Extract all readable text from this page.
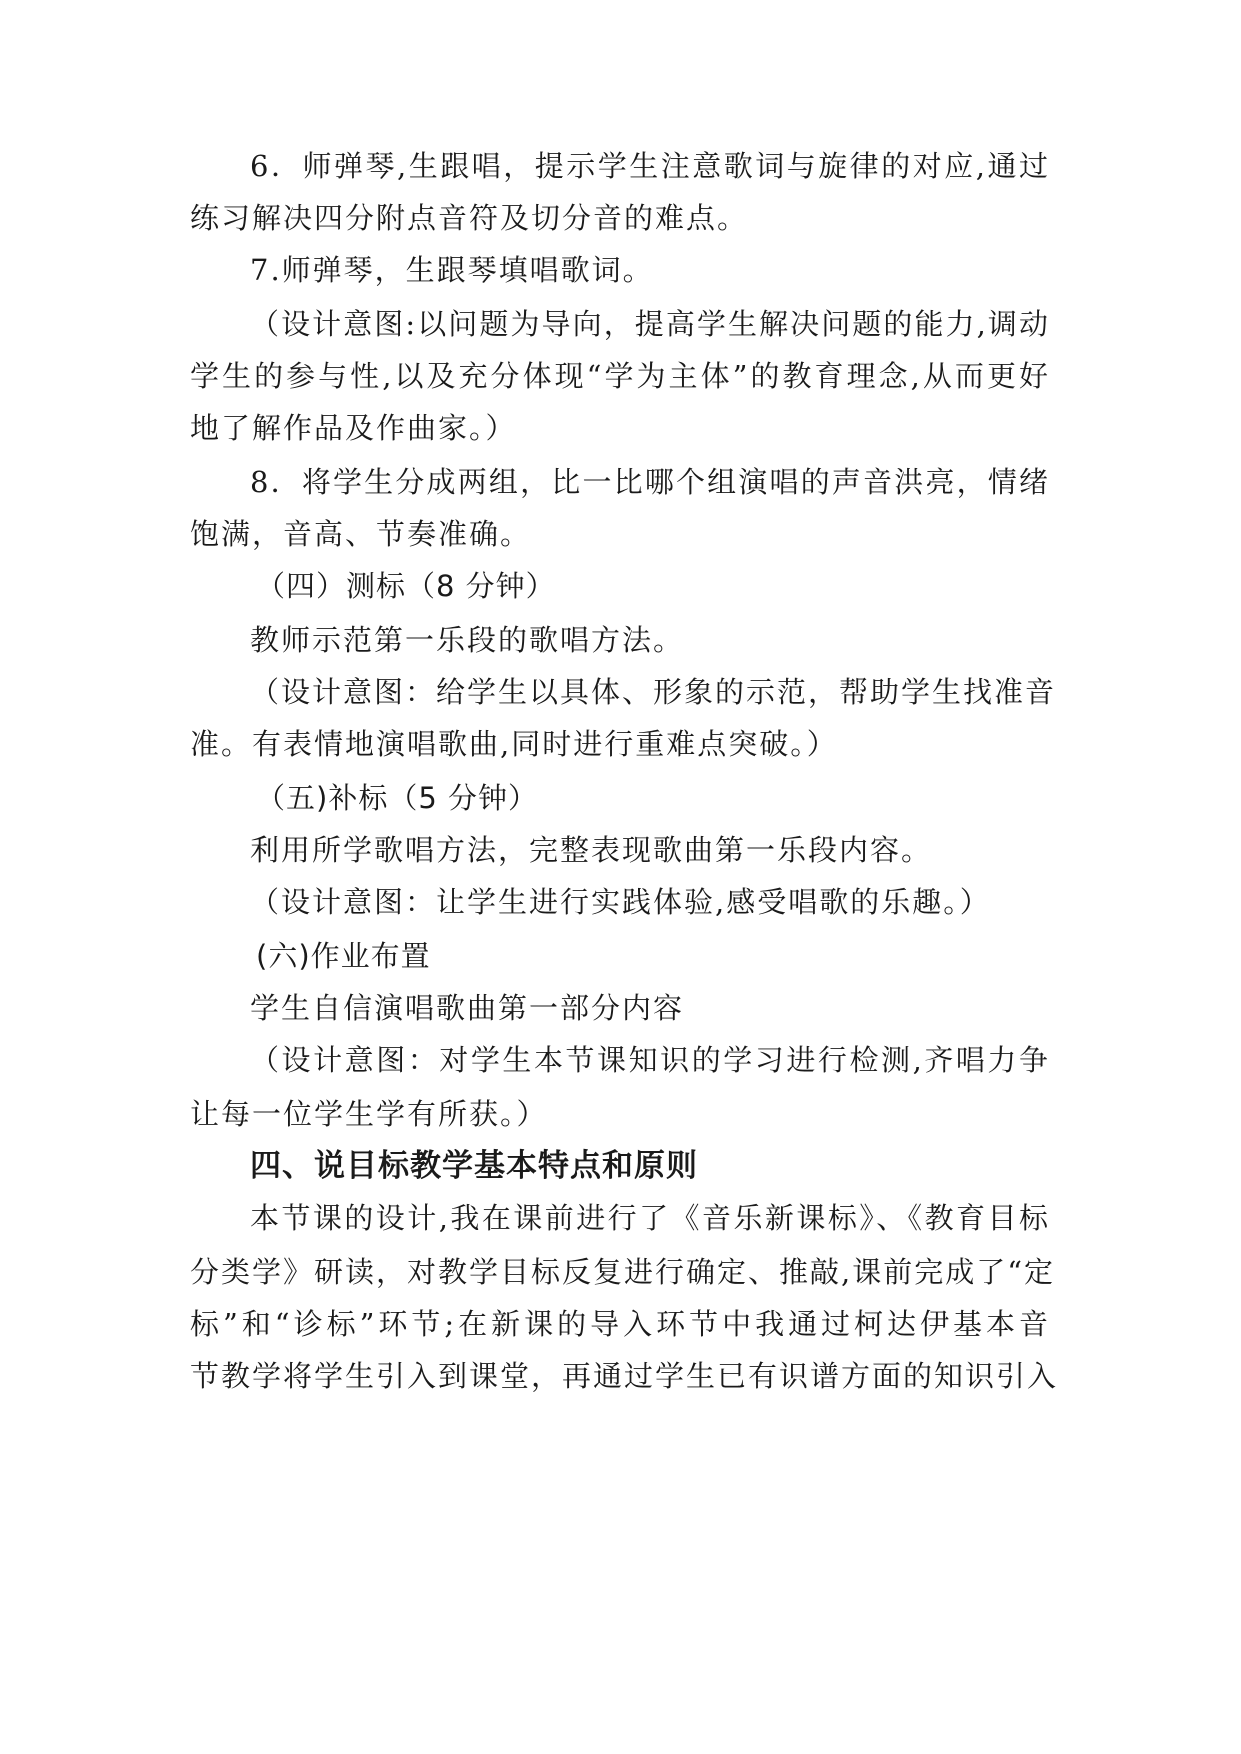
6．师弹琴,生跟唱，提示学生注意歌词与旋律的对应,通过
练习解决四分附点音符及切分音的难点。
7.师弹琴，生跟琴填唱歌词。
（设计意图:以问题为导向，提高学生解决问题的能力,调动
学生的参与性,以及充分体现“学为主体”的教育理念,从而更好
地了解作品及作曲家。）
8．将学生分成两组，比一比哪个组演唱的声音洪亮，情绪
饱满，音高、节奏准确。
（四）测标（8 分钟）
教师示范第一乐段的歌唱方法。
（设计意图：给学生以具体、形象的示范，帮助学生找准音
准。有表情地演唱歌曲,同时进行重难点突破。）
（五)补标（5 分钟）
利用所学歌唱方法，完整表现歌曲第一乐段内容。
（设计意图：让学生进行实践体验,感受唱歌的乐趣。）
(六)作业布置
学生自信演唱歌曲第一部分内容
（设计意图：对学生本节课知识的学习进行检测,齐唱力争
让每一位学生学有所获。）
四、说目标教学基本特点和原则
本节课的设计,我在课前进行了《音乐新课标》、《教育目标
分类学》研读，对教学目标反复进行确定、推敲,课前完成了“定
标”和“诊标”环节;在新课的导入环节中我通过柯达伊基本音
节教学将学生引入到课堂，再通过学生已有识谱方面的知识引入
